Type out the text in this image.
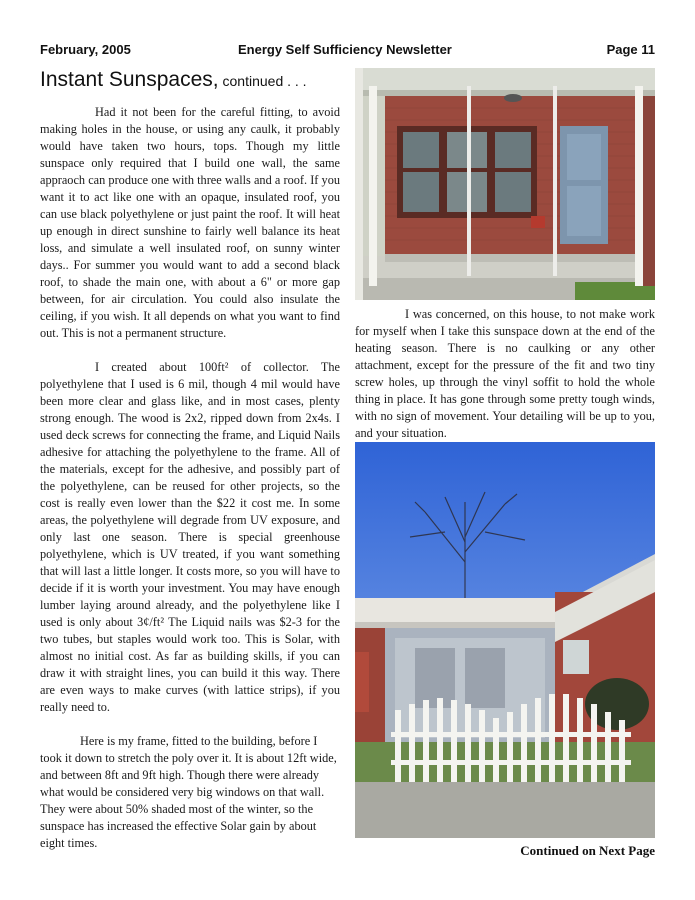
February, 2005	Energy Self Sufficiency Newsletter	Page 11
Instant Sunspaces, continued . . .

Had it not been for the careful fitting, to avoid making holes in the house, or using any caulk, it probably would have taken two hours, tops. Though my little sunspace only required that I build one wall, the same appraoch can produce one with three walls and a roof. If you want it to act like one with an opaque, insulated roof, you can use black polyethylene or just paint the roof. It will heat up enough in direct sunshine to fairly well balance its heat loss, and simulate a well insulated roof, on sunny winter days.. For summer you would want to add a second black roof, to shade the main one, with about a 6" or more gap between, for air circulation. You could also insulate the ceiling, if you wish. It all depends on what you want to find out. This is not a permanent structure.

I created about 100ft² of collector. The polyethylene that I used is 6 mil, though 4 mil would have been more clear and glass like, and in most cases, plenty strong enough. The wood is 2x2, ripped down from 2x4s. I used deck screws for connecting the frame, and Liquid Nails adhesive for attaching the polyethylene to the frame. All of the materials, except for the adhesive, and possibly part of the polyethylene, can be reused for other projects, so the cost is really even lower than the $22 it cost me. In some areas, the polyethylene will degrade from UV exposure, and only last one season. There is special greenhouse polyethylene, which is UV treated, if you want something that will last a little longer. It costs more, so you will have to decide if it is worth your investment. You may have enough lumber laying around already, and the polyethylene like I used is only about 3¢/ft² The Liquid nails was $2-3 for the two tubes, but staples would work too. This is Solar, with almost no initial cost. As far as building skills, if you can draw it with straight lines, you can build it this way. There are even ways to make curves (with lattice strips), if you really need to.

Here is my frame, fitted to the building, before I took it down to stretch the poly over it. It is about 12ft wide, and between 8ft and 9ft high. Though there were already what would be considered very big windows on that wall. They were about 50% shaded most of the winter, so the sunspace has increased the effective Solar gain by about eight times.

I was concerned, on this house, to not make work for myself when I take this sunspace down at the end of the heating season. There is no caulking or any other attachment, except for the pressure of the fit and two tiny screw holes, up through the vinyl soffit to hold the whole thing in place. It has gone through some pretty tough winds, with no sign of movement. Your detailing will be up to you, and your situation.

Continued on Next Page
